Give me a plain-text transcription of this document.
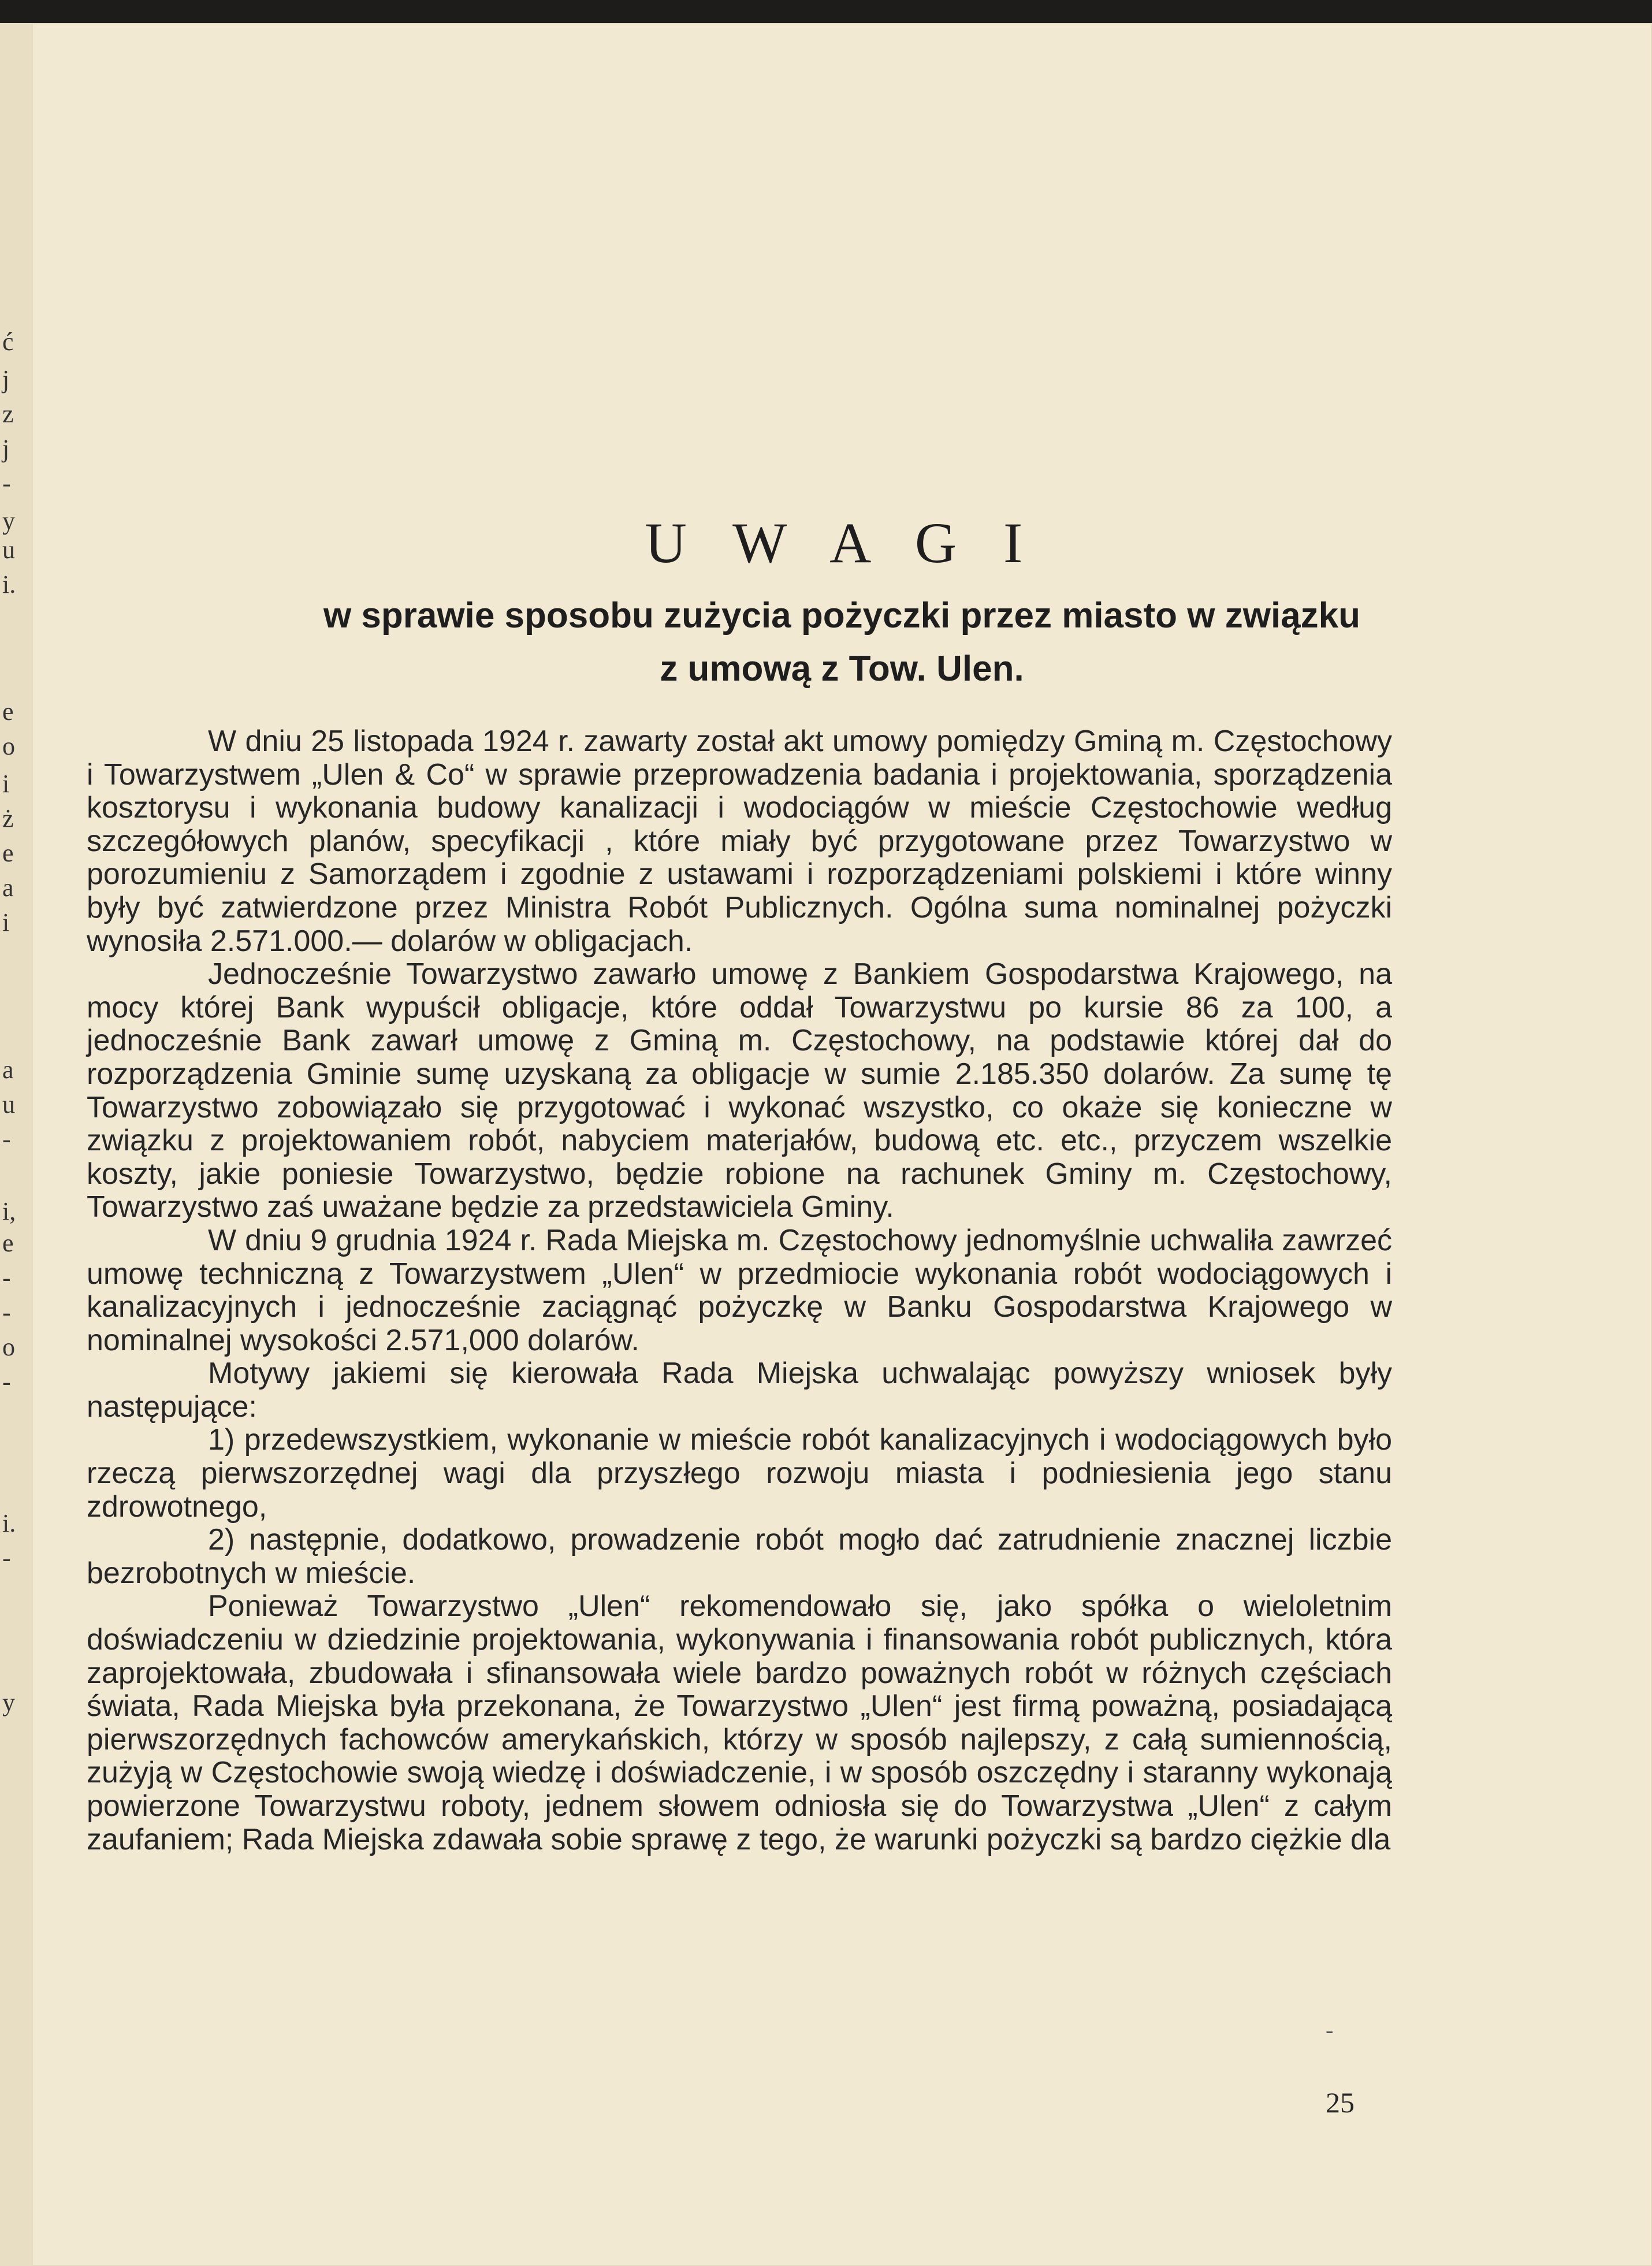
ć
j
z
j
-
y
u
i.
e
o
i
ż
e
a
i
a
u
-
i,
e
-
-
o
-
i.
-
y
U W A G I
w sprawie sposobu zużycia pożyczki przez miasto w związku
z umową z Tow. Ulen.

W dniu 25 listopada 1924 r. zawarty został akt umowy pomiędzy Gminą m. Częstochowy i Towarzystwem „Ulen & Co“ w sprawie przeprowadzenia badania i projektowania, sporządzenia kosztorysu i wykonania budowy kanalizacji i wodociągów w mieście Częstochowie według szczegółowych planów, specyfikacji , które miały być przygotowane przez Towarzystwo w porozumieniu z Samorządem i zgodnie z ustawami i rozporządzeniami polskiemi i które winny były być zatwierdzone przez Ministra Robót Publicznych. Ogólna suma nominalnej pożyczki wynosiła 2.571.000.— dolarów w obligacjach.

Jednocześnie Towarzystwo zawarło umowę z Bankiem Gospodarstwa Krajowego, na mocy której Bank wypuścił obligacje, które oddał Towarzystwu po kursie 86 za 100, a jednocześnie Bank zawarł umowę z Gminą m. Częstochowy, na podstawie której dał do rozporządzenia Gminie sumę uzyskaną za obligacje w sumie 2.185.350 dolarów. Za sumę tę Towarzystwo zobowiązało się przygotować i wykonać wszystko, co okaże się konieczne w związku z projektowaniem robót, nabyciem materjałów, budową etc. etc., przyczem wszelkie koszty, jakie poniesie Towarzystwo, będzie robione na rachunek Gminy m. Częstochowy, Towarzystwo zaś uważane będzie za przedstawiciela Gminy.

W dniu 9 grudnia 1924 r. Rada Miejska m. Częstochowy jednomyślnie uchwaliła zawrzeć umowę techniczną z Towarzystwem „Ulen“ w przedmiocie wykonania robót wodociągowych i kanalizacyjnych i jednocześnie zaciągnąć pożyczkę w Banku Gospodarstwa Krajowego w nominalnej wysokości 2.571,000 dolarów.

Motywy jakiemi się kierowała Rada Miejska uchwalając powyższy wniosek były następujące:

1) przedewszystkiem, wykonanie w mieście robót kanalizacyjnych i wodociągowych było rzeczą pierwszorzędnej wagi dla przyszłego rozwoju miasta i podniesienia jego stanu zdrowotnego,

2) następnie, dodatkowo, prowadzenie robót mogło dać zatrudnienie znacznej liczbie bezrobotnych w mieście.

Ponieważ Towarzystwo „Ulen“ rekomendowało się, jako spółka o wieloletnim doświadczeniu w dziedzinie projektowania, wykonywania i finansowania robót publicznych, która zaprojektowała, zbudowała i sfinansowała wiele bardzo poważnych robót w różnych częściach świata, Rada Miejska była przekonana, że Towarzystwo „Ulen“ jest firmą poważną, posiadającą pierwszorzędnych fachowców amerykańskich, którzy w sposób najlepszy, z całą sumiennością, zużyją w Częstochowie swoją wiedzę i doświadczenie, i w sposób oszczędny i staranny wykonają powierzone Towarzystwu roboty, jednem słowem odniosła się do Towarzystwa „Ulen“ z całym zaufaniem; Rada Miejska zdawała sobie sprawę z tego, że warunki pożyczki są bardzo ciężkie dla

-
25
